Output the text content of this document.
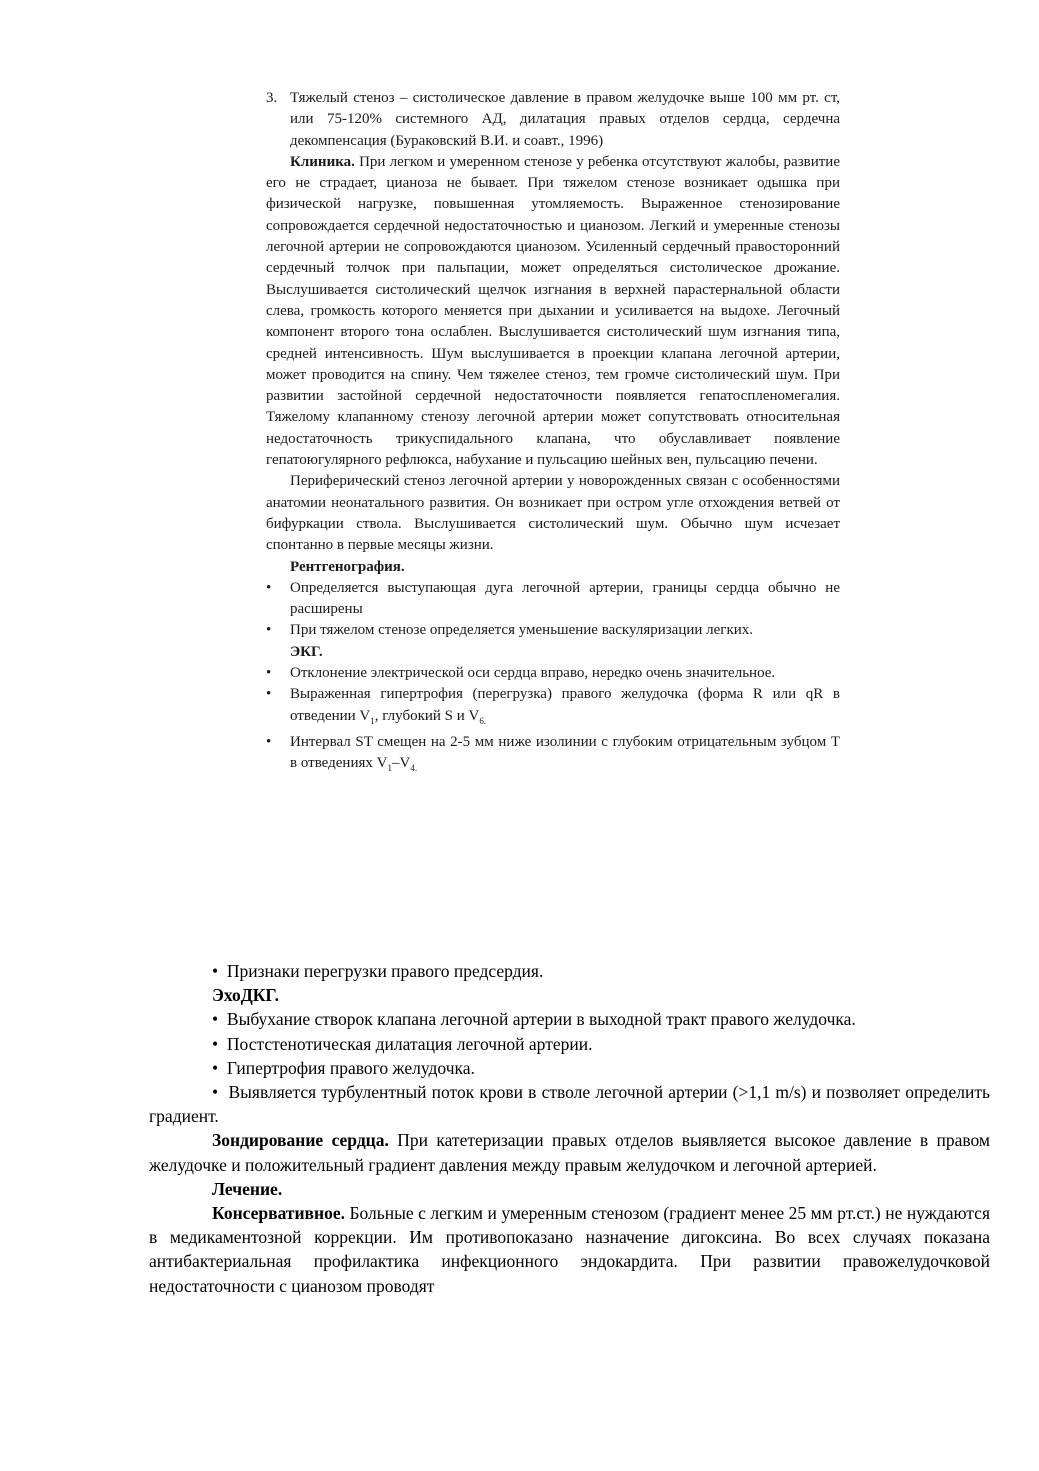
3. Тяжелый стеноз – систолическое давление в правом желудочке выше 100 мм рт. ст, или 75-120% системного АД, дилатация правых отделов сердца, сердечна декомпенсация (Бураковский В.И. и соавт., 1996)

Клиника. При легком и умеренном стенозе у ребенка отсутствуют жалобы, развитие его не страдает, цианоза не бывает. При тяжелом стенозе возникает одышка при физической нагрузке, повышенная утомляемость. Выраженное стенозирование сопровождается сердечной недостаточностью и цианозом. Легкий и умеренные стенозы легочной артерии не сопровождаются цианозом. Усиленный сердечный правосторонний сердечный толчок при пальпации, может определяться систолическое дрожание. Выслушивается систолический щелчок изгнания в верхней парастернальной области слева, громкость которого меняется при дыхании и усиливается на выдохе. Легочный компонент второго тона ослаблен. Выслушивается систолический шум изгнания типа, средней интенсивность. Шум выслушивается в проекции клапана легочной артерии, может проводится на спину. Чем тяжелее стеноз, тем громче систолический шум. При развитии застойной сердечной недостаточности появляется гепатоспленомегалия. Тяжелому клапанному стенозу легочной артерии может сопутствовать относительная недостаточность трикуспидального клапана, что обуславливает появление гепатоюгулярного рефлюкса, набухание и пульсацию шейных вен, пульсацию печени.

Периферический стеноз легочной артерии у новорожденных связан с особенностями анатомии неонатального развития. Он возникает при остром угле отхождения ветвей от бифуркации ствола. Выслушивается систолический шум. Обычно шум исчезает спонтанно в первые месяцы жизни.

Рентгенография.

•	Определяется выступающая дуга легочной артерии, границы сердца обычно не расширены
•	При тяжелом стенозе определяется уменьшение васкуляризации легких.

ЭКГ.

•	Отклонение электрической оси сердца вправо, нередко очень значительное.
•	Выраженная гипертрофия (перегрузка) правого желудочка (форма R или qR в отведении $V_1$, глубокий S и $V_{6.}$
•	Интервал ST смещен на 2-5 мм ниже изолинии с глубоким отрицательным зубцом Т в отведениях $V_1-V_{4.}$

• Признаки перегрузки правого предсердия.

ЭхоДКГ.

• Выбухание створок клапана легочной артерии в выходной тракт правого желудочка.

• Постстенотическая дилатация легочной артерии.

• Гипертрофия правого желудочка.

• Выявляется турбулентный поток крови в стволе легочной артерии (>1,1 m/s) и позволяет определить градиент.

Зондирование сердца. При катетеризации правых отделов выявляется высокое давление в правом желудочке и положительный градиент давления между правым желудочком и легочной артерией.

Лечение.

Консервативное. Больные с легким и умеренным стенозом (градиент менее 25 мм рт.ст.) не нуждаются в медикаментозной коррекции. Им противопоказано назначение дигоксина. Во всех случаях показана антибактериальная профилактика инфекционного эндокардита. При развитии правожелудочковой недостаточности с цианозом проводят
